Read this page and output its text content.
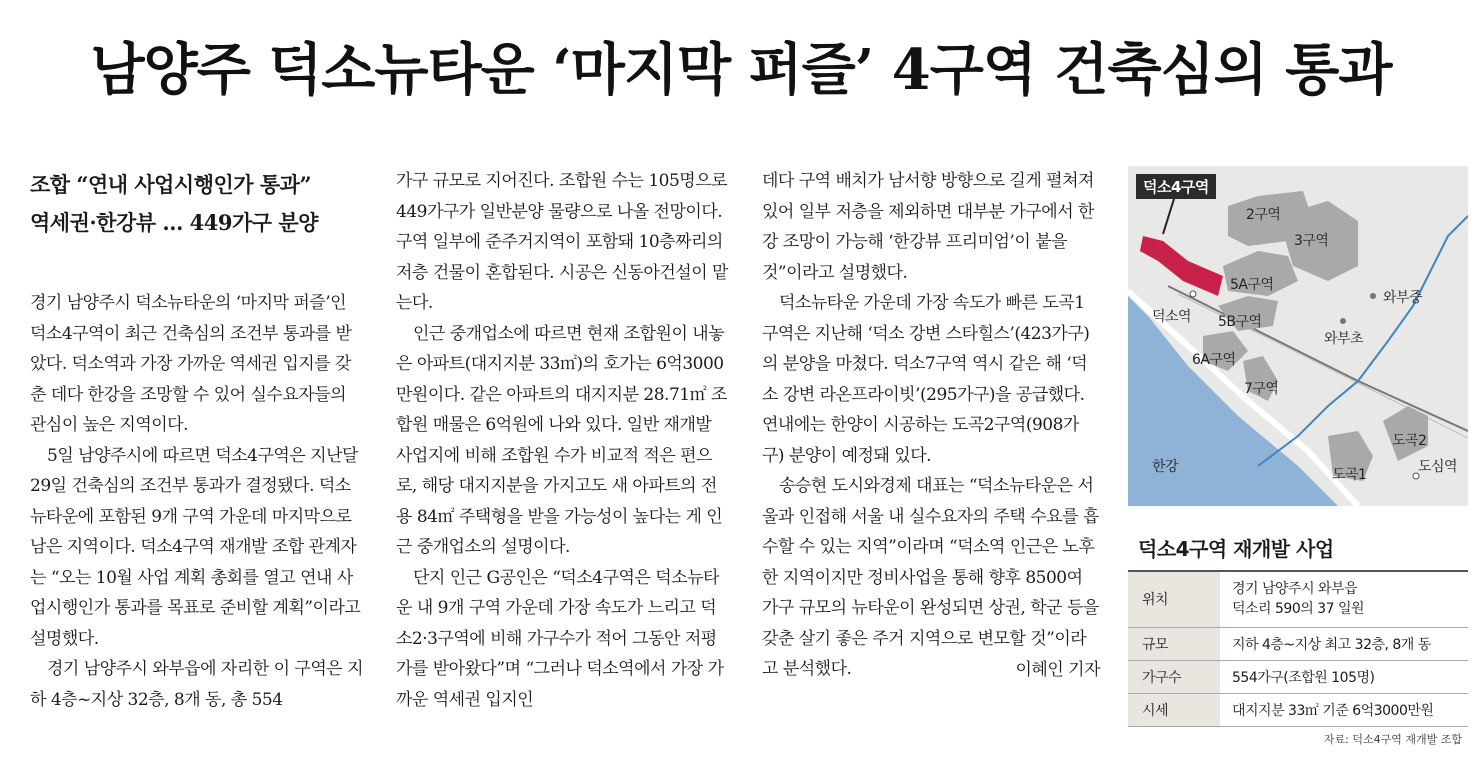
남양주 덕소뉴타운 ‘마지막 퍼즐’ 4구역 건축심의 통과
조합 “연내 사업시행인가 통과”
역세권·한강뷰 … 449가구 분양

경기 남양주시 덕소뉴타운의 ‘마지막 퍼즐’인 덕소4구역이 최근 건축심의 조건부 통과를 받았다. 덕소역과 가장 가까운 역세권 입지를 갖춘 데다 한강을 조망할 수 있어 실수요자들의 관심이 높은 지역이다.

5일 남양주시에 따르면 덕소4구역은 지난달 29일 건축심의 조건부 통과가 결정됐다. 덕소뉴타운에 포함된 9개 구역 가운데 마지막으로 남은 지역이다. 덕소4구역 재개발 조합 관계자는 “오는 10월 사업 계획 총회를 열고 연내 사업시행인가 통과를 목표로 준비할 계획”이라고 설명했다.

경기 남양주시 와부읍에 자리한 이 구역은 지하 4층~지상 32층, 8개 동, 총 554

가구 규모로 지어진다. 조합원 수는 105명으로 449가구가 일반분양 물량으로 나올 전망이다. 구역 일부에 준주거지역이 포함돼 10층짜리의 저층 건물이 혼합된다. 시공은 신동아건설이 맡는다.

인근 중개업소에 따르면 현재 조합원이 내놓은 아파트(대지지분 33㎡)의 호가는 6억3000만원이다. 같은 아파트의 대지지분 28.71㎡ 조합원 매물은 6억원에 나와 있다. 일반 재개발 사업지에 비해 조합원 수가 비교적 적은 편으로, 해당 대지지분을 가지고도 새 아파트의 전용 84㎡ 주택형을 받을 가능성이 높다는 게 인근 중개업소의 설명이다.

단지 인근 G공인은 “덕소4구역은 덕소뉴타운 내 9개 구역 가운데 가장 속도가 느리고 덕소2·3구역에 비해 가구수가 적어 그동안 저평가를 받아왔다”며 “그러나 덕소역에서 가장 가까운 역세권 입지인

데다 구역 배치가 남서향 방향으로 길게 펼쳐져 있어 일부 저층을 제외하면 대부분 가구에서 한강 조망이 가능해 ‘한강뷰 프리미엄’이 붙을 것”이라고 설명했다.

덕소뉴타운 가운데 가장 속도가 빠른 도곡1구역은 지난해 ‘덕소 강변 스타힐스’(423가구)의 분양을 마쳤다. 덕소7구역 역시 같은 해 ‘덕소 강변 라온프라이빗’(295가구)을 공급했다. 연내에는 한양이 시공하는 도곡2구역(908가구) 분양이 예정돼 있다.

송승현 도시와경제 대표는 “덕소뉴타운은 서울과 인접해 서울 내 실수요자의 주택 수요를 흡수할 수 있는 지역”이라며 “덕소역 인근은 노후한 지역이지만 정비사업을 통해 향후 8500여 가구 규모의 뉴타운이 완성되면 상권, 학군 등을 갖춘 살기 좋은 주거 지역으로 변모할 것”이라고 분석했다.	이혜인 기자
덕소4구역
2구역
3구역
5A구역
5B구역
6A구역
7구역
덕소역
와부중
와부초
도곡2
도곡1	도심역
한강
덕소4구역 재개발 사업
위치	경기 남양주시 와부읍
덕소리 590의 37 일원
규모	지하 4층~지상 최고 32층, 8개 동
가구수	554가구(조합원 105명)
시세	대지지분 33㎡ 기준 6억3000만원
자료: 덕소4구역 재개발 조합
